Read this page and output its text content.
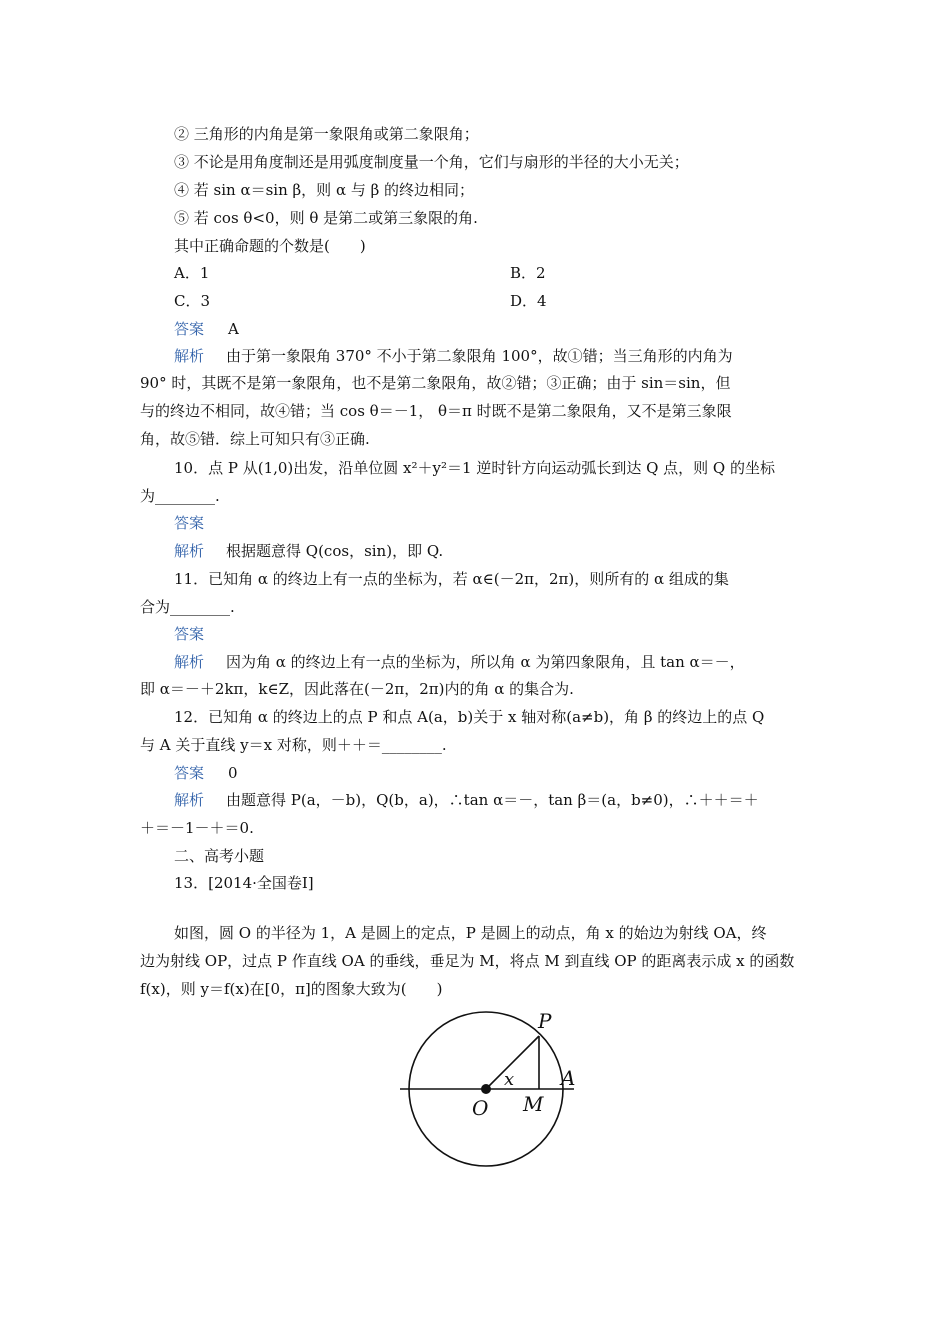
② 三角形的内角是第一象限角或第二象限角；
③ 不论是用角度制还是用弧度制度量一个角，它们与扇形的半径的大小无关；
④ 若 sin α＝sin β，则 α 与 β 的终边相同；
⑤ 若 cos θ<0，则 θ 是第二或第三象限的角.
其中正确命题的个数是(　　)
A．1	B．2
C．3	D．4
答案 A
解析 由于第一象限角 370° 不小于第二象限角 100°，故①错；当三角形的内角为
90° 时，其既不是第一象限角，也不是第二象限角，故②错；③正确；由于 sin＝sin，但
与的终边不相同，故④错；当 cos θ＝－1， θ＝π 时既不是第二象限角，又不是第三象限
角，故⑤错．综上可知只有③正确.
10．点 P 从(1,0)出发，沿单位圆 x²＋y²＝1 逆时针方向运动弧长到达 Q 点，则 Q 的坐标
为________.
答案
解析 根据题意得 Q(cos，sin)，即 Q.
11．已知角 α 的终边上有一点的坐标为，若 α∈(－2π，2π)，则所有的 α 组成的集
合为________.
答案
解析 因为角 α 的终边上有一点的坐标为，所以角 α 为第四象限角，且 tan α＝－，
即 α＝－＋2kπ，k∈Z，因此落在(－2π，2π)内的角 α 的集合为.
12．已知角 α 的终边上的点 P 和点 A(a，b)关于 x 轴对称(a≠b)，角 β 的终边上的点 Q
与 A 关于直线 y＝x 对称，则＋＋＝________.
答案 0
解析 由题意得 P(a，－b)，Q(b，a)，∴tan α＝－，tan β＝(a，b≠0)，∴＋＋＝＋
＋＝－1－＋＝0.
二、高考小题
13．[2014·全国卷Ⅰ]
如图，圆 O 的半径为 1，A 是圆上的定点，P 是圆上的动点，角 x 的始边为射线 OA，终
边为射线 OP，过点 P 作直线 OA 的垂线，垂足为 M，将点 M 到直线 OP 的距离表示成 x 的函数
f(x)，则 y＝f(x)在[0，π]的图象大致为(　　)
P
A
O M
x
